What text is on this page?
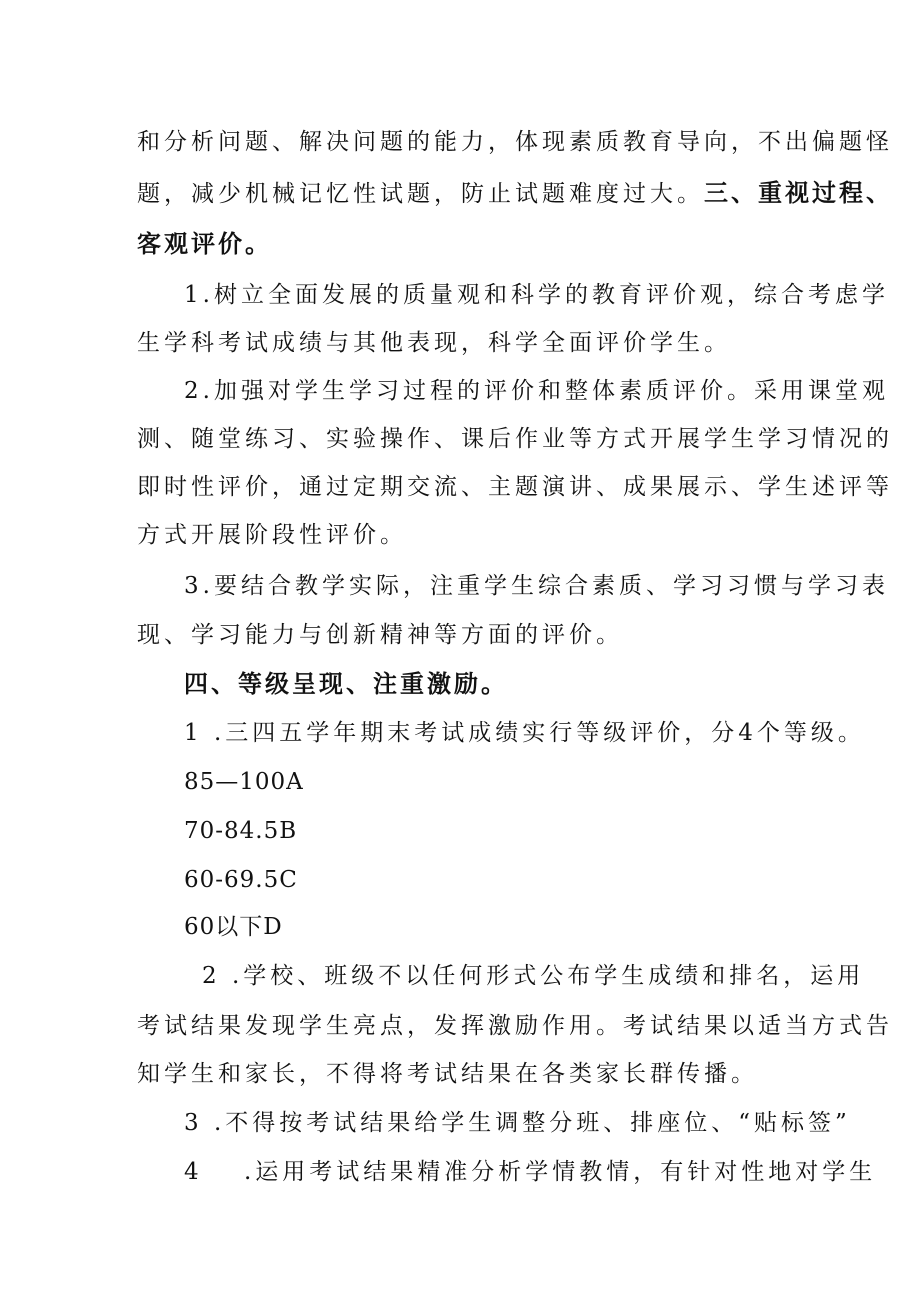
和分析问题、解决问题的能力，体现素质教育导向，不出偏题怪
题，减少机械记忆性试题，防止试题难度过大。三、重视过程、
客观评价。
1.树立全面发展的质量观和科学的教育评价观，综合考虑学
生学科考试成绩与其他表现，科学全面评价学生。
2.加强对学生学习过程的评价和整体素质评价。采用课堂观
测、随堂练习、实验操作、课后作业等方式开展学生学习情况的
即时性评价，通过定期交流、主题演讲、成果展示、学生述评等
方式开展阶段性评价。
3.要结合教学实际，注重学生综合素质、学习习惯与学习表
现、学习能力与创新精神等方面的评价。
四、等级呈现、注重激励。
1 .三四五学年期末考试成绩实行等级评价，分4个等级。
85—100A
70-84.5B
60-69.5C
60以下D
2 .学校、班级不以任何形式公布学生成绩和排名，运用
考试结果发现学生亮点，发挥激励作用。考试结果以适当方式告
知学生和家长，不得将考试结果在各类家长群传播。
3 .不得按考试结果给学生调整分班、排座位、“贴标签”
4 .运用考试结果精准分析学情教情，有针对性地对学生
